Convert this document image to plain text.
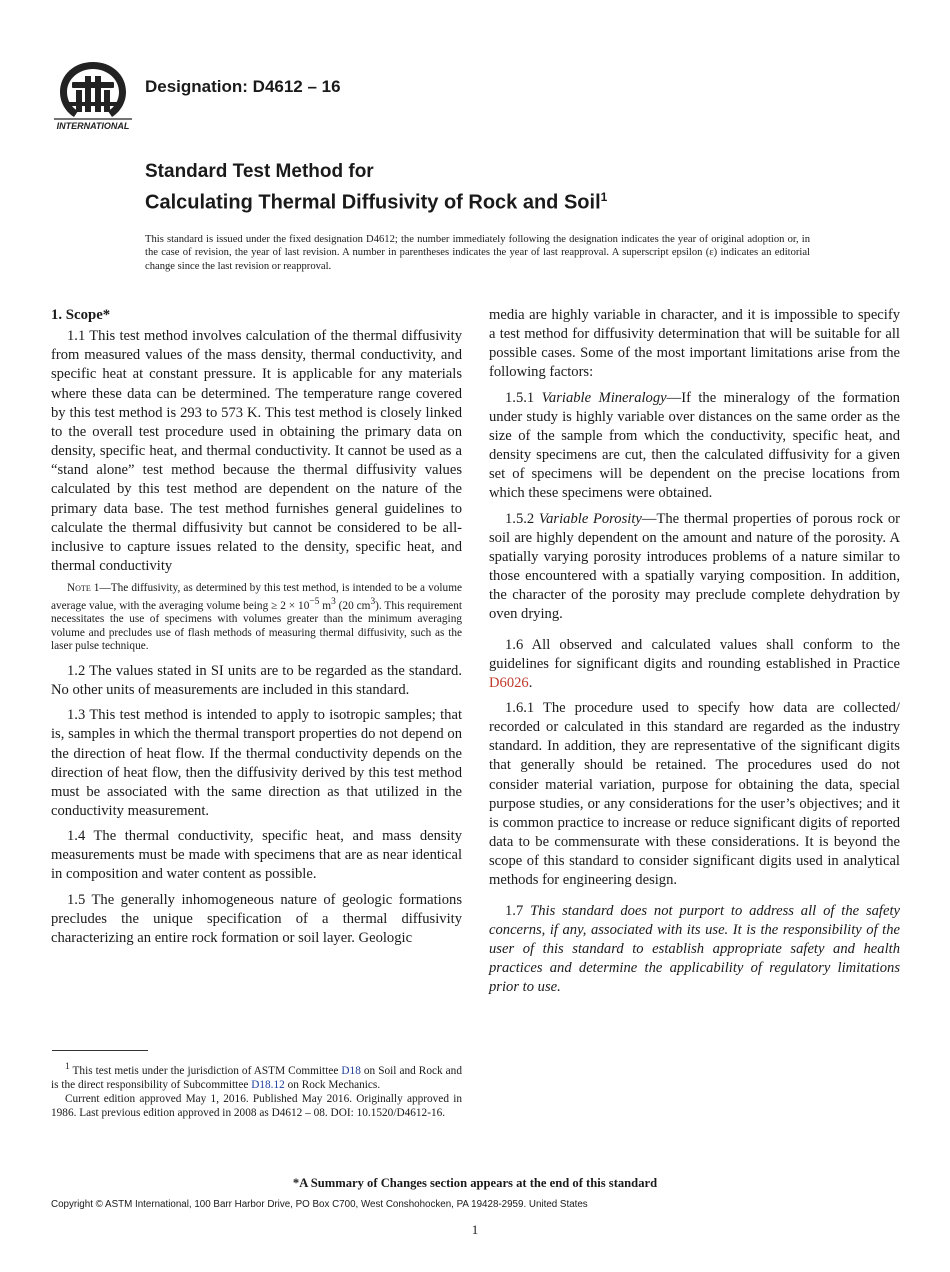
INTERNATIONAL
Designation: D4612 – 16
Standard Test Method for
Calculating Thermal Diffusivity of Rock and Soil$^1$
This standard is issued under the fixed designation D4612; the number immediately following the designation indicates the year of original adoption or, in the case of revision, the year of last revision. A number in parentheses indicates the year of last reapproval. A superscript epsilon (ε) indicates an editorial change since the last revision or reapproval.
1. Scope*

1.1 This test method involves calculation of the thermal diffusivity from measured values of the mass density, thermal conductivity, and specific heat at constant pressure. It is applicable for any materials where these data can be determined. The temperature range covered by this test method is 293 to 573 K. This test method is closely linked to the overall test procedure used in obtaining the primary data on density, specific heat, and thermal conductivity. It cannot be used as a “stand alone” test method because the thermal diffusivity values calculated by this test method are dependent on the nature of the primary data base. The test method furnishes general guidelines to calculate the thermal diffusivity but cannot be considered to be all-inclusive to capture issues related to the density, specific heat, and thermal conductivity

Note 1—The diffusivity, as determined by this test method, is intended to be a volume average value, with the averaging volume being ≥ $2 \times 10^{-5}$ $m^3$ (20 $cm^3$). This requirement necessitates the use of specimens with volumes greater than the minimum averaging volume and precludes use of flash methods of measuring thermal diffusivity, such as the laser pulse technique.

1.2 The values stated in SI units are to be regarded as the standard. No other units of measurements are included in this standard.

1.3 This test method is intended to apply to isotropic samples; that is, samples in which the thermal transport properties do not depend on the direction of heat flow. If the thermal conductivity depends on the direction of heat flow, then the diffusivity derived by this test method must be associated with the same direction as that utilized in the conductivity measurement.

1.4 The thermal conductivity, specific heat, and mass density measurements must be made with specimens that are as near identical in composition and water content as possible.

1.5 The generally inhomogeneous nature of geologic formations precludes the unique specification of a thermal diffusivity characterizing an entire rock formation or soil layer. Geologic

media are highly variable in character, and it is impossible to specify a test method for diffusivity determination that will be suitable for all possible cases. Some of the most important limitations arise from the following factors:

1.5.1 Variable Mineralogy—If the mineralogy of the formation under study is highly variable over distances on the same order as the size of the sample from which the conductivity, specific heat, and density specimens are cut, then the calculated diffusivity for a given set of specimens will be dependent on the precise locations from which these specimens were obtained.

1.5.2 Variable Porosity—The thermal properties of porous rock or soil are highly dependent on the amount and nature of the porosity. A spatially varying porosity introduces problems of a nature similar to those encountered with a spatially varying composition. In addition, the character of the porosity may preclude complete dehydration by oven drying.

1.6 All observed and calculated values shall conform to the guidelines for significant digits and rounding established in Practice D6026.

1.6.1 The procedure used to specify how data are collected/ recorded or calculated in this standard are regarded as the industry standard. In addition, they are representative of the significant digits that generally should be retained. The procedures used do not consider material variation, purpose for obtaining the data, special purpose studies, or any considerations for the user’s objectives; and it is common practice to increase or reduce significant digits of reported data to be commensurate with these considerations. It is beyond the scope of this standard to consider significant digits used in analytical methods for engineering design.

1.7 This standard does not purport to address all of the safety concerns, if any, associated with its use. It is the responsibility of the user of this standard to establish appropriate safety and health practices and determine the applicability of regulatory limitations prior to use.

$^1$ This test metis under the jurisdiction of ASTM Committee D18 on Soil and Rock and is the direct responsibility of Subcommittee D18.12 on Rock Mechanics.

Current edition approved May 1, 2016. Published May 2016. Originally approved in 1986. Last previous edition approved in 2008 as D4612 – 08. DOI: 10.1520/D4612-16.

*A Summary of Changes section appears at the end of this standard
Copyright © ASTM International, 100 Barr Harbor Drive, PO Box C700, West Conshohocken, PA 19428-2959. United States
1
